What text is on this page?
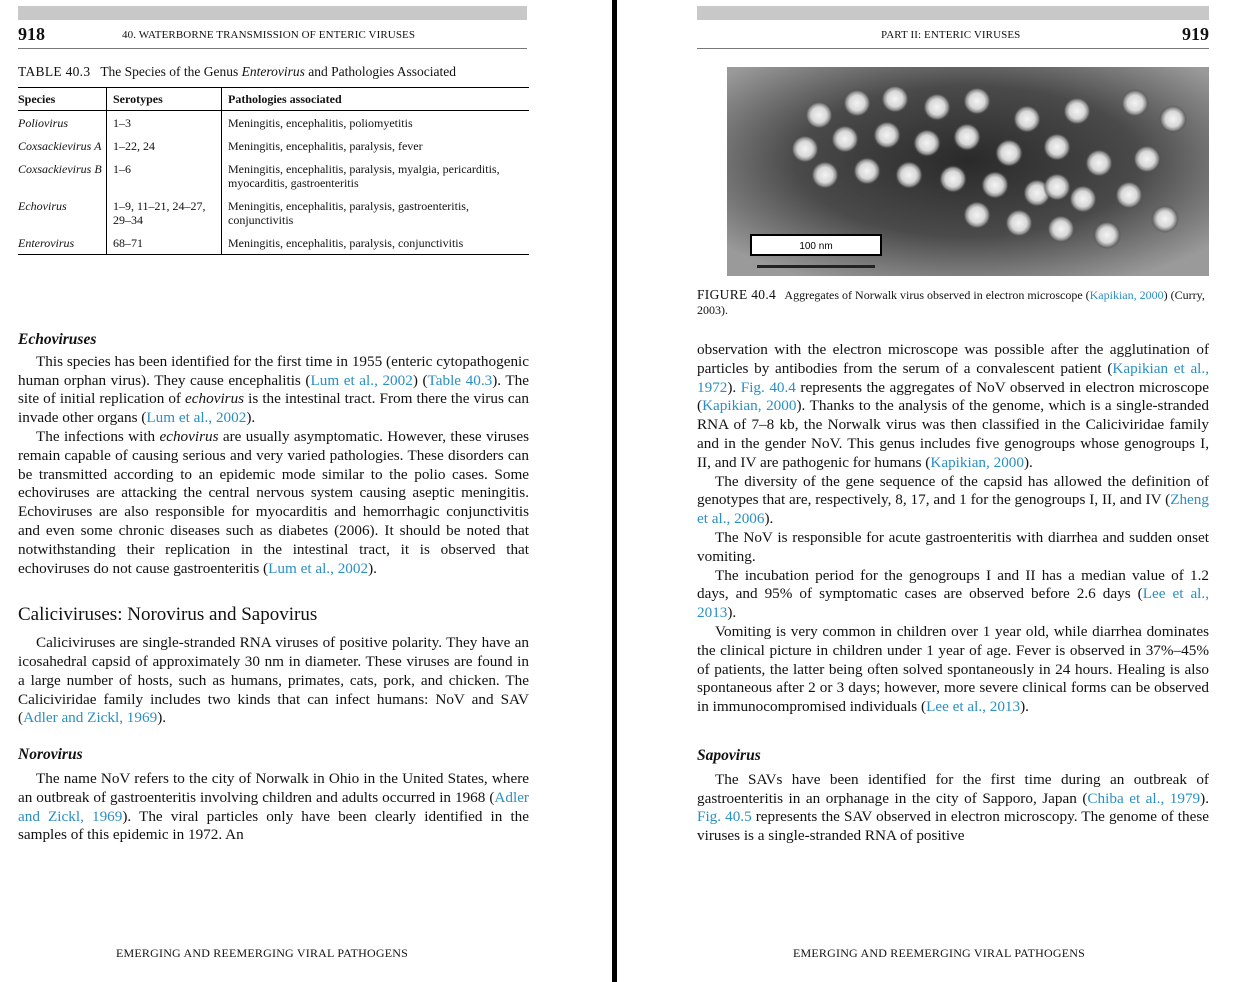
918	40. WATERBORNE TRANSMISSION OF ENTERIC VIRUSES
TABLE 40.3 The Species of the Genus Enterovirus and Pathologies Associated
Species	Serotypes	Pathologies associated
Poliovirus	1–3	Meningitis, encephalitis, poliomyetitis
Coxsackievirus A	1–22, 24	Meningitis, encephalitis, paralysis, fever
Coxsackievirus B	1–6	Meningitis, encephalitis, paralysis, myalgia, pericarditis, myocarditis, gastroenteritis
Echovirus	1–9, 11–21, 24–27, 29–34	Meningitis, encephalitis, paralysis, gastroenteritis, conjunctivitis
Enterovirus	68–71	Meningitis, encephalitis, paralysis, conjunctivitis
Echoviruses

This species has been identified for the first time in 1955 (enteric cytopathogenic human orphan virus). They cause encephalitis (Lum et al., 2002) (Table 40.3). The site of initial replication of echovirus is the intestinal tract. From there the virus can invade other organs (Lum et al., 2002).

The infections with echovirus are usually asymptomatic. However, these viruses remain capable of causing serious and very varied pathologies. These disorders can be transmitted according to an epidemic mode similar to the polio cases. Some echoviruses are attacking the central nervous system causing aseptic meningitis. Echoviruses are also responsible for myocarditis and hemorrhagic conjunctivitis and even some chronic diseases such as diabetes (2006). It should be noted that notwithstanding their replication in the intestinal tract, it is observed that echoviruses do not cause gastroenteritis (Lum et al., 2002).

Caliciviruses: Norovirus and Sapovirus

Caliciviruses are single-stranded RNA viruses of positive polarity. They have an icosahedral capsid of approximately 30 nm in diameter. These viruses are found in a large number of hosts, such as humans, primates, cats, pork, and chicken. The Caliciviridae family includes two kinds that can infect humans: NoV and SAV (Adler and Zickl, 1969).

Norovirus

The name NoV refers to the city of Norwalk in Ohio in the United States, where an outbreak of gastroenteritis involving children and adults occurred in 1968 (Adler and Zickl, 1969). The viral particles only have been clearly identified in the samples of this epidemic in 1972. An

EMERGING AND REEMERGING VIRAL PATHOGENS
PART II: ENTERIC VIRUSES	919
100 nm
FIGURE 40.4 Aggregates of Norwalk virus observed in electron microscope (Kapikian, 2000) (Curry, 2003).

observation with the electron microscope was possible after the agglutination of particles by antibodies from the serum of a convalescent patient (Kapikian et al., 1972). Fig. 40.4 represents the aggregates of NoV observed in electron microscope (Kapikian, 2000). Thanks to the analysis of the genome, which is a single-stranded RNA of 7–8 kb, the Norwalk virus was then classified in the Caliciviridae family and in the gender NoV. This genus includes five genogroups whose genogroups I, II, and IV are pathogenic for humans (Kapikian, 2000).

The diversity of the gene sequence of the capsid has allowed the definition of genotypes that are, respectively, 8, 17, and 1 for the genogroups I, II, and IV (Zheng et al., 2006).

The NoV is responsible for acute gastroenteritis with diarrhea and sudden onset vomiting.

The incubation period for the genogroups I and II has a median value of 1.2 days, and 95% of symptomatic cases are observed before 2.6 days (Lee et al., 2013).

Vomiting is very common in children over 1 year old, while diarrhea dominates the clinical picture in children under 1 year of age. Fever is observed in 37%–45% of patients, the latter being often solved spontaneously in 24 hours. Healing is also spontaneous after 2 or 3 days; however, more severe clinical forms can be observed in immunocompromised individuals (Lee et al., 2013).

Sapovirus

The SAVs have been identified for the first time during an outbreak of gastroenteritis in an orphanage in the city of Sapporo, Japan (Chiba et al., 1979). Fig. 40.5 represents the SAV observed in electron microscopy. The genome of these viruses is a single-stranded RNA of positive

EMERGING AND REEMERGING VIRAL PATHOGENS
